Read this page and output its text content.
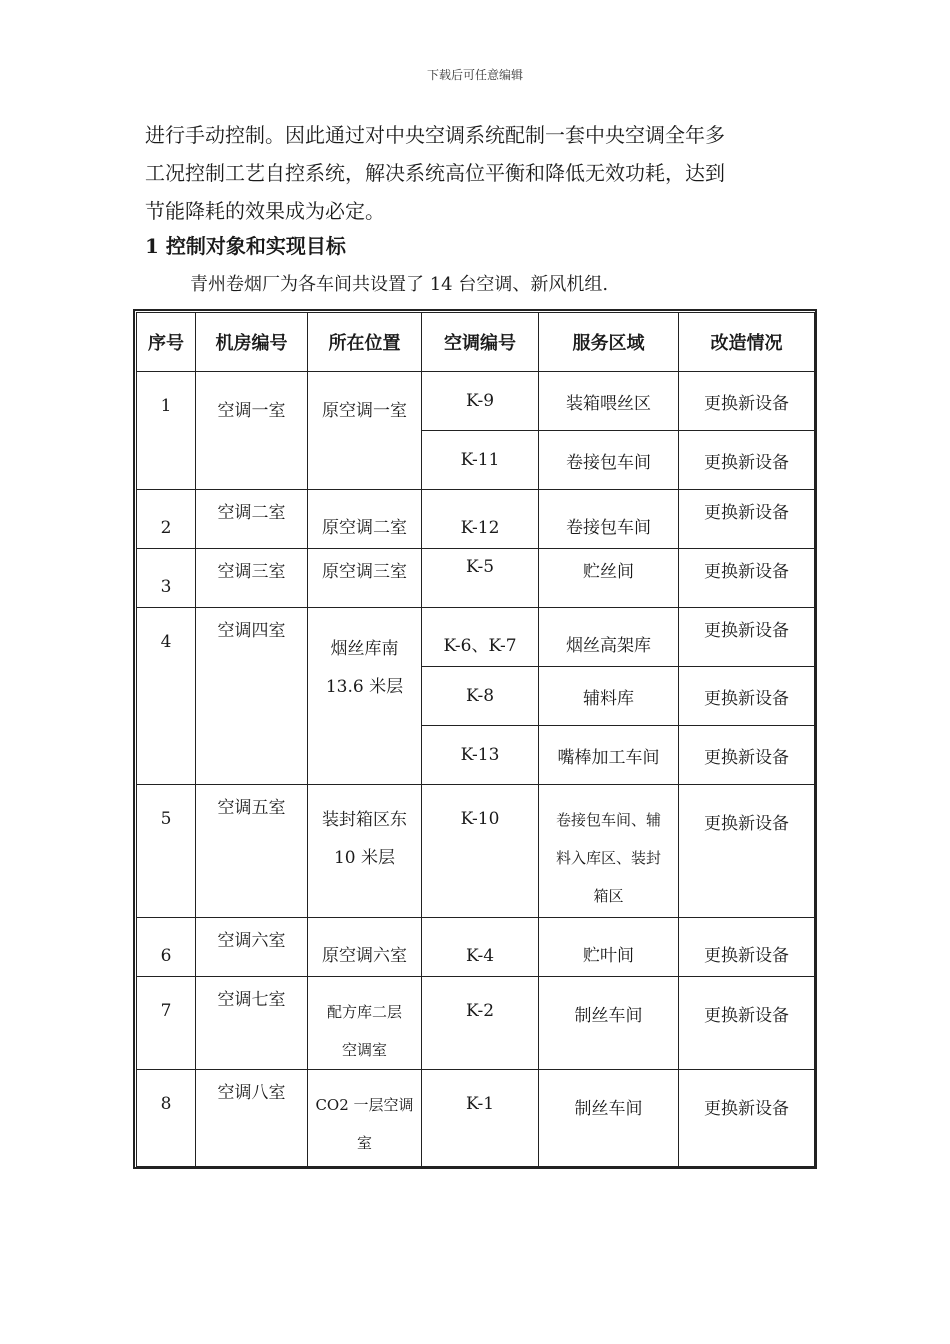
下载后可任意编辑
进行手动控制。因此通过对中央空调系统配制一套中央空调全年多
工况控制工艺自控系统，解决系统高位平衡和降低无效功耗，达到
节能降耗的效果成为必定。
1 控制对象和实现目标
青州卷烟厂为各车间共设置了 14 台空调、新风机组.
序号	机房编号	所在位置	空调编号	服务区域	改造情况
1	空调一室	原空调一室	K-9	装箱喂丝区	更换新设备
			K-11	卷接包车间	更换新设备
2	空调二室	原空调二室	K-12	卷接包车间	更换新设备
3	空调三室	原空调三室	K-5	贮丝间	更换新设备
4	空调四室	烟丝库南
13.6 米层	K-6、K-7	烟丝高架库	更换新设备
			K-8	辅料库	更换新设备
			K-13	嘴棒加工车间	更换新设备
5	空调五室	装封箱区东
10 米层	K-10	卷接包车间、辅
料入库区、装封
箱区	更换新设备
6	空调六室	原空调六室	K-4	贮叶间	更换新设备
7	空调七室	配方库二层
空调室	K-2	制丝车间	更换新设备
8	空调八室	CO2 一层空调
室	K-1	制丝车间	更换新设备
